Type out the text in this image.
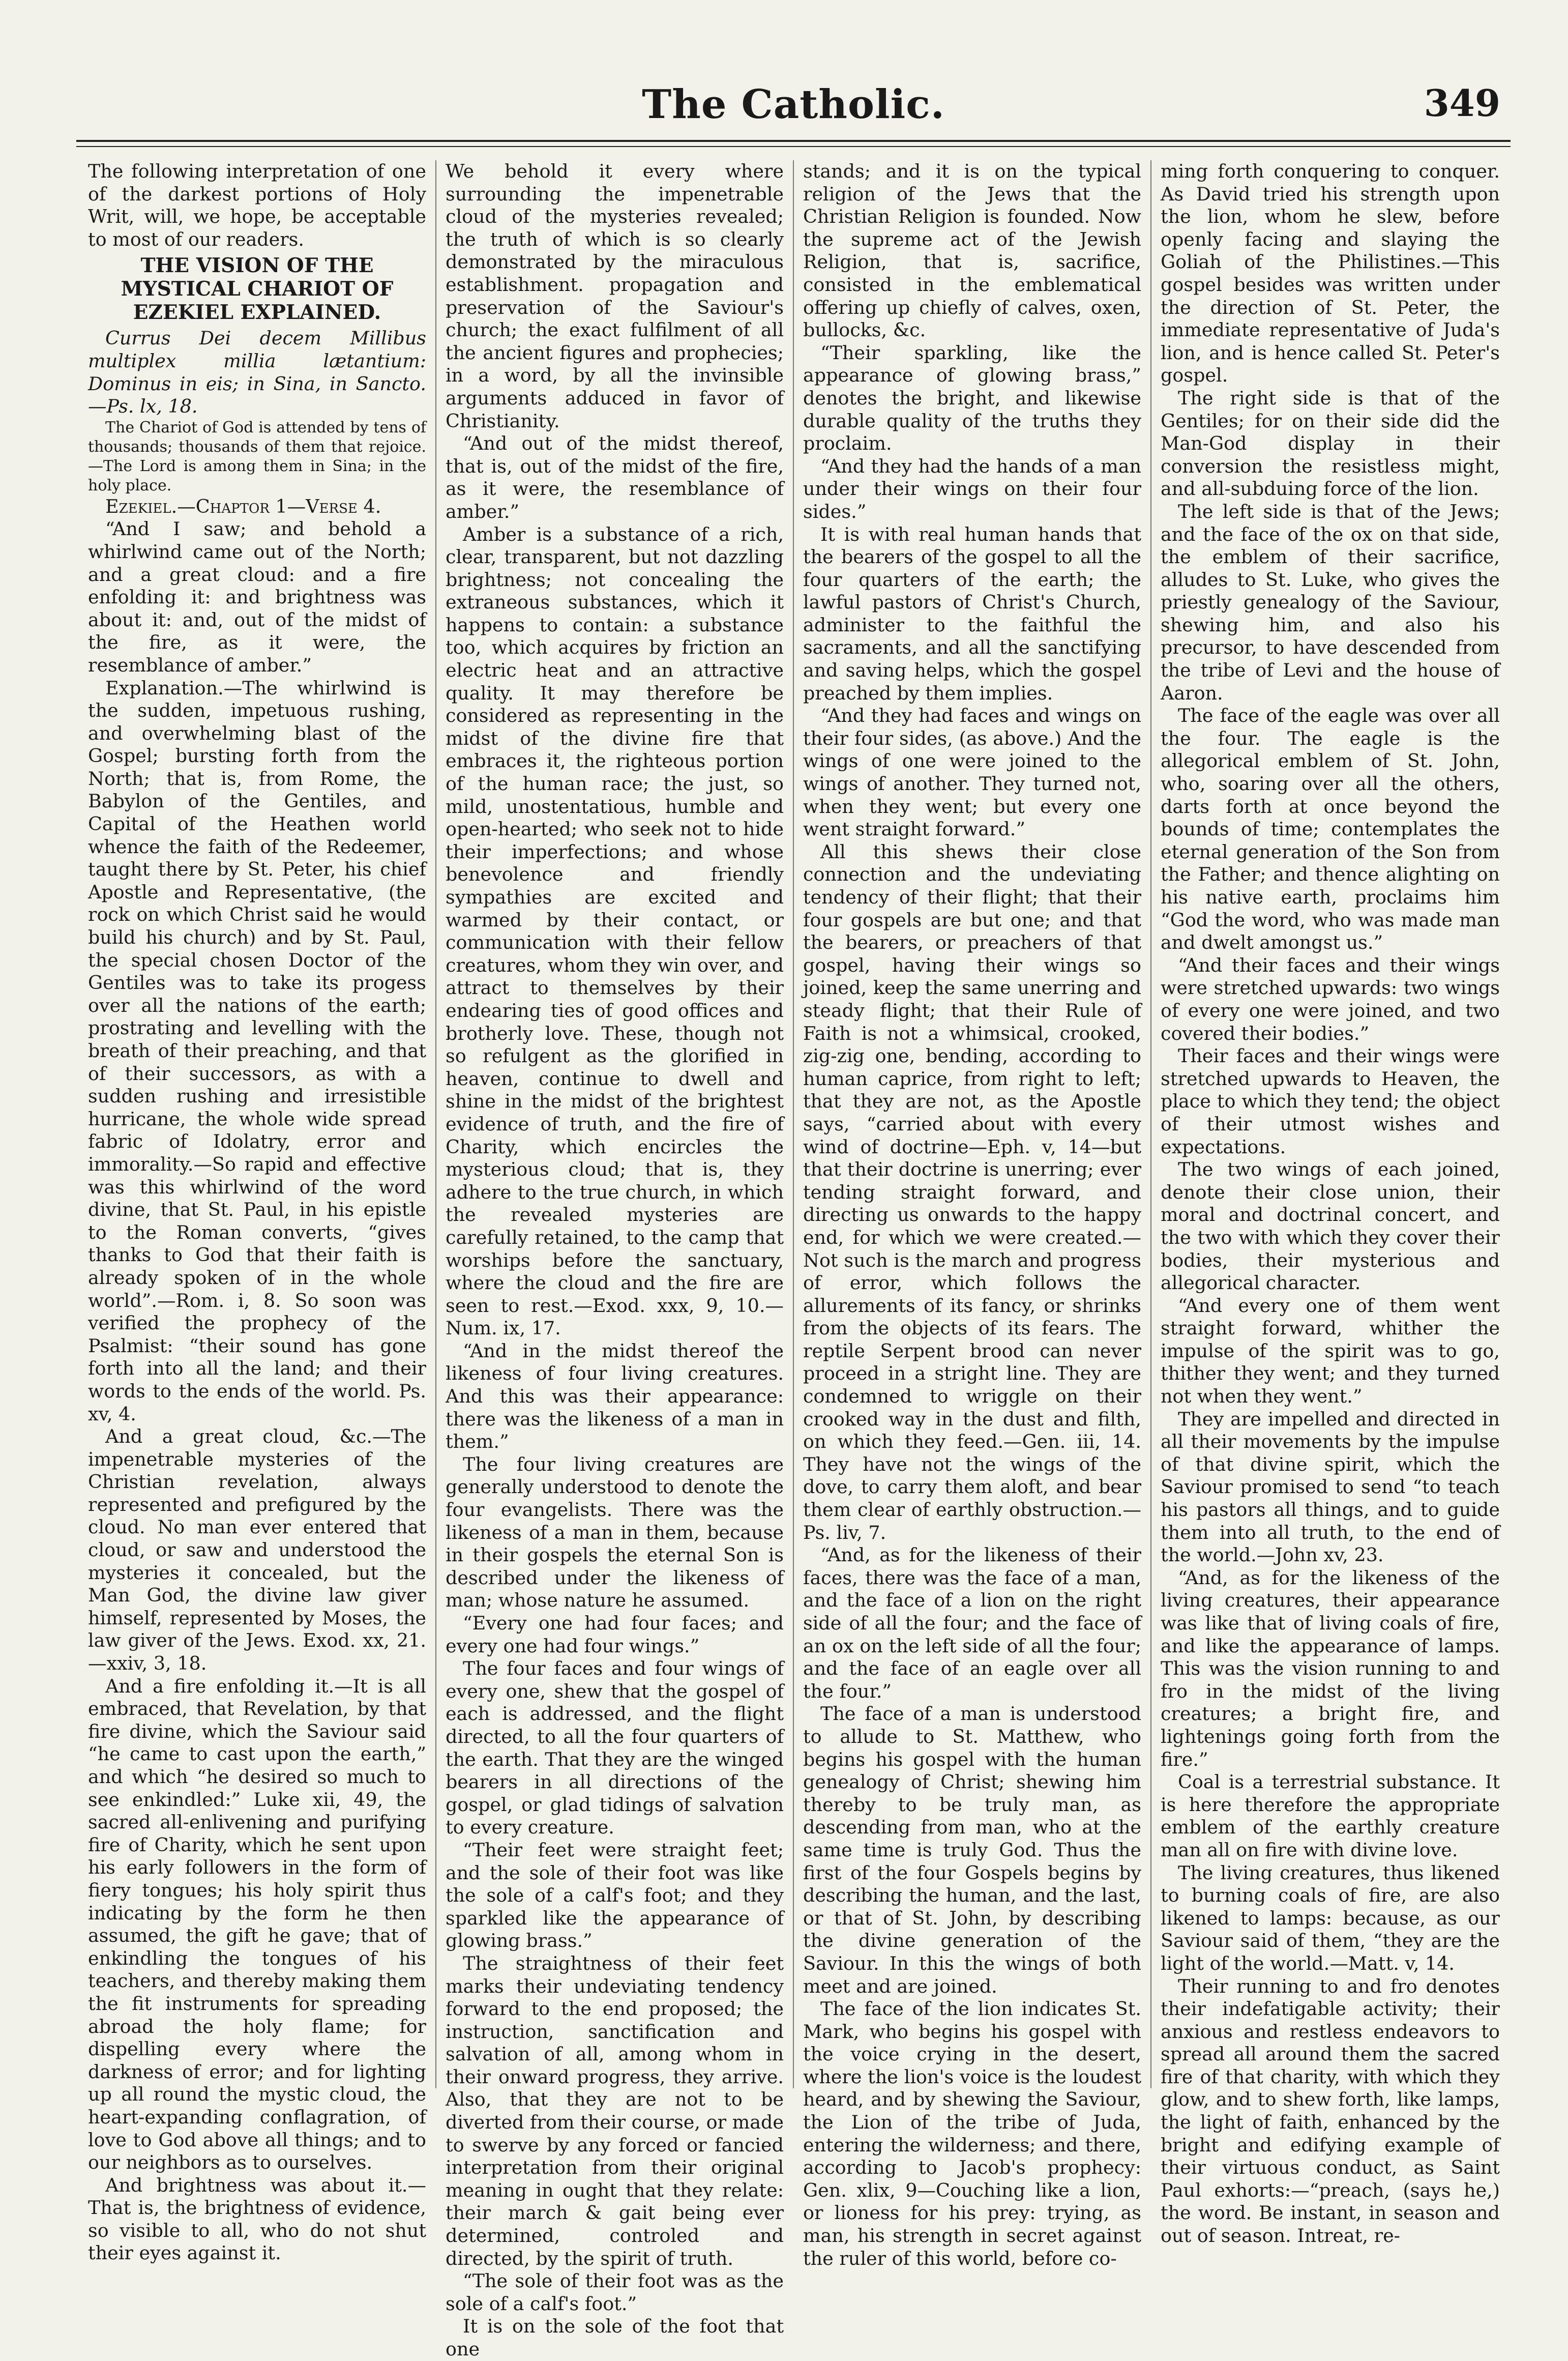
The Catholic.	349

The following interpretation of one of the darkest portions of Holy Writ, will, we hope, be acceptable to most of our readers.

THE VISION OF THE MYSTICAL CHARIOT OF EZEKIEL EXPLAINED.

Currus Dei decem Millibus multiplex millia lætantium: Dominus in eis; in Sina, in Sancto.—Ps. lx, 18.

The Chariot of God is attended by tens of thousands; thousands of them that rejoice.—The Lord is among them in Sina; in the holy place.

Ezekiel.—Chaptor 1—Verse 4.

“And I saw; and behold a whirlwind came out of the North; and a great cloud: and a fire enfolding it: and brightness was about it: and, out of the midst of the fire, as it were, the resemblance of amber.”

Explanation.—The whirlwind is the sudden, impetuous rushing, and overwhelming blast of the Gospel; bursting forth from the North; that is, from Rome, the Babylon of the Gentiles, and Capital of the Heathen world whence the faith of the Redeemer, taught there by St. Peter, his chief Apostle and Representative, (the rock on which Christ said he would build his church) and by St. Paul, the special chosen Doctor of the Gentiles was to take its progess over all the nations of the earth; prostrating and levelling with the breath of their preaching, and that of their successors, as with a sudden rushing and irresistible hurricane, the whole wide spread fabric of Idolatry, error and immorality.—So rapid and effective was this whirlwind of the word divine, that St. Paul, in his epistle to the Roman converts, “gives thanks to God that their faith is already spoken of in the whole world”.—Rom. i, 8. So soon was verified the prophecy of the Psalmist: “their sound has gone forth into all the land; and their words to the ends of the world. Ps. xv, 4.

And a great cloud, &c.—The impenetrable mysteries of the Christian revelation, always represented and prefigured by the cloud. No man ever entered that cloud, or saw and understood the mysteries it concealed, but the Man God, the divine law giver himself, represented by Moses, the law giver of the Jews. Exod. xx, 21.—xxiv, 3, 18.

And a fire enfolding it.—It is all embraced, that Revelation, by that fire divine, which the Saviour said “he came to cast upon the earth,” and which “he desired so much to see enkindled:” Luke xii, 49, the sacred all-enlivening and purifying fire of Charity, which he sent upon his early followers in the form of fiery tongues; his holy spirit thus indicating by the form he then assumed, the gift he gave; that of enkindling the tongues of his teachers, and thereby making them the fit instruments for spreading abroad the holy flame; for dispelling every where the darkness of error; and for lighting up all round the mystic cloud, the heart-expanding conflagration, of love to God above all things; and to our neighbors as to ourselves.

And brightness was about it.—That is, the brightness of evidence, so visible to all, who do not shut their eyes against it.

We behold it every where surrounding the impenetrable cloud of the mysteries revealed; the truth of which is so clearly demonstrated by the miraculous establishment. propagation and preservation of the Saviour's church; the exact fulfilment of all the ancient figures and prophecies; in a word, by all the invinsible arguments adduced in favor of Christianity.

“And out of the midst thereof, that is, out of the midst of the fire, as it were, the resemblance of amber.”

Amber is a substance of a rich, clear, transparent, but not dazzling brightness; not concealing the extraneous substances, which it happens to contain: a substance too, which acquires by friction an electric heat and an attractive quality. It may therefore be considered as representing in the midst of the divine fire that embraces it, the righteous portion of the human race; the just, so mild, unostentatious, humble and open-hearted; who seek not to hide their imperfections; and whose benevolence and friendly sympathies are excited and warmed by their contact, or communication with their fellow creatures, whom they win over, and attract to themselves by their endearing ties of good offices and brotherly love. These, though not so refulgent as the glorified in heaven, continue to dwell and shine in the midst of the brightest evidence of truth, and the fire of Charity, which encircles the mysterious cloud; that is, they adhere to the true church, in which the revealed mysteries are carefully retained, to the camp that worships before the sanctuary, where the cloud and the fire are seen to rest.—Exod. xxx, 9, 10.—Num. ix, 17.

“And in the midst thereof the likeness of four living creatures. And this was their appearance: there was the likeness of a man in them.”

The four living creatures are generally understood to denote the four evangelists. There was the likeness of a man in them, because in their gospels the eternal Son is described under the likeness of man; whose nature he assumed.

“Every one had four faces; and every one had four wings.”

The four faces and four wings of every one, shew that the gospel of each is addressed, and the flight directed, to all the four quarters of the earth. That they are the winged bearers in all directions of the gospel, or glad tidings of salvation to every creature.

“Their feet were straight feet; and the sole of their foot was like the sole of a calf's foot; and they sparkled like the appearance of glowing brass.”

The straightness of their feet marks their undeviating tendency forward to the end proposed; the instruction, sanctification and salvation of all, among whom in their onward progress, they arrive. Also, that they are not to be diverted from their course, or made to swerve by any forced or fancied interpretation from their original meaning in ought that they relate: their march & gait being ever determined, controled and directed, by the spirit of truth.

“The sole of their foot was as the sole of a calf's foot.”

It is on the sole of the foot that one

stands; and it is on the typical religion of the Jews that the Christian Religion is founded. Now the supreme act of the Jewish Religion, that is, sacrifice, consisted in the emblematical offering up chiefly of calves, oxen, bullocks, &c.

“Their sparkling, like the appearance of glowing brass,” denotes the bright, and likewise durable quality of the truths they proclaim.

“And they had the hands of a man under their wings on their four sides.”

It is with real human hands that the bearers of the gospel to all the four quarters of the earth; the lawful pastors of Christ's Church, administer to the faithful the sacraments, and all the sanctifying and saving helps, which the gospel preached by them implies.

“And they had faces and wings on their four sides, (as above.) And the wings of one were joined to the wings of another. They turned not, when they went; but every one went straight forward.”

All this shews their close connection and the undeviating tendency of their flight; that their four gospels are but one; and that the bearers, or preachers of that gospel, having their wings so joined, keep the same unerring and steady flight; that their Rule of Faith is not a whimsical, crooked, zig-zig one, bending, according to human caprice, from right to left; that they are not, as the Apostle says, “carried about with every wind of doctrine—Eph. v, 14—but that their doctrine is unerring; ever tending straight forward, and directing us onwards to the happy end, for which we were created.—Not such is the march and progress of error, which follows the allurements of its fancy, or shrinks from the objects of its fears. The reptile Serpent brood can never proceed in a stright line. They are condemned to wriggle on their crooked way in the dust and filth, on which they feed.—Gen. iii, 14. They have not the wings of the dove, to carry them aloft, and bear them clear of earthly obstruction.—Ps. liv, 7.

“And, as for the likeness of their faces, there was the face of a man, and the face of a lion on the right side of all the four; and the face of an ox on the left side of all the four; and the face of an eagle over all the four.”

The face of a man is understood to allude to St. Matthew, who begins his gospel with the human genealogy of Christ; shewing him thereby to be truly man, as descending from man, who at the same time is truly God. Thus the first of the four Gospels begins by describing the human, and the last, or that of St. John, by describing the divine generation of the Saviour. In this the wings of both meet and are joined.

The face of the lion indicates St. Mark, who begins his gospel with the voice crying in the desert, where the lion's voice is the loudest heard, and by shewing the Saviour, the Lion of the tribe of Juda, entering the wilderness; and there, according to Jacob's prophecy: Gen. xlix, 9—Couching like a lion, or lioness for his prey: trying, as man, his strength in secret against the ruler of this world, before co-

ming forth conquering to conquer. As David tried his strength upon the lion, whom he slew, before openly facing and slaying the Goliah of the Philistines.—This gospel besides was written under the direction of St. Peter, the immediate representative of Juda's lion, and is hence called St. Peter's gospel.

The right side is that of the Gentiles; for on their side did the Man-God display in their conversion the resistless might, and all-subduing force of the lion.

The left side is that of the Jews; and the face of the ox on that side, the emblem of their sacrifice, alludes to St. Luke, who gives the priestly genealogy of the Saviour, shewing him, and also his precursor, to have descended from the tribe of Levi and the house of Aaron.

The face of the eagle was over all the four. The eagle is the allegorical emblem of St. John, who, soaring over all the others, darts forth at once beyond the bounds of time; contemplates the eternal generation of the Son from the Father; and thence alighting on his native earth, proclaims him “God the word, who was made man and dwelt amongst us.”

“And their faces and their wings were stretched upwards: two wings of every one were joined, and two covered their bodies.”

Their faces and their wings were stretched upwards to Heaven, the place to which they tend; the object of their utmost wishes and expectations.

The two wings of each joined, denote their close union, their moral and doctrinal concert, and the two with which they cover their bodies, their mysterious and allegorical character.

“And every one of them went straight forward, whither the impulse of the spirit was to go, thither they went; and they turned not when they went.”

They are impelled and directed in all their movements by the impulse of that divine spirit, which the Saviour promised to send “to teach his pastors all things, and to guide them into all truth, to the end of the world.—John xv, 23.

“And, as for the likeness of the living creatures, their appearance was like that of living coals of fire, and like the appearance of lamps. This was the vision running to and fro in the midst of the living creatures; a bright fire, and lightenings going forth from the fire.”

Coal is a terrestrial substance. It is here therefore the appropriate emblem of the earthly creature man all on fire with divine love.

The living creatures, thus likened to burning coals of fire, are also likened to lamps: because, as our Saviour said of them, “they are the light of the world.—Matt. v, 14.

Their running to and fro denotes their indefatigable activity; their anxious and restless endeavors to spread all around them the sacred fire of that charity, with which they glow, and to shew forth, like lamps, the light of faith, enhanced by the bright and edifying example of their virtuous conduct, as Saint Paul exhorts:—“preach, (says he,) the word. Be instant, in season and out of season. Intreat, re-
